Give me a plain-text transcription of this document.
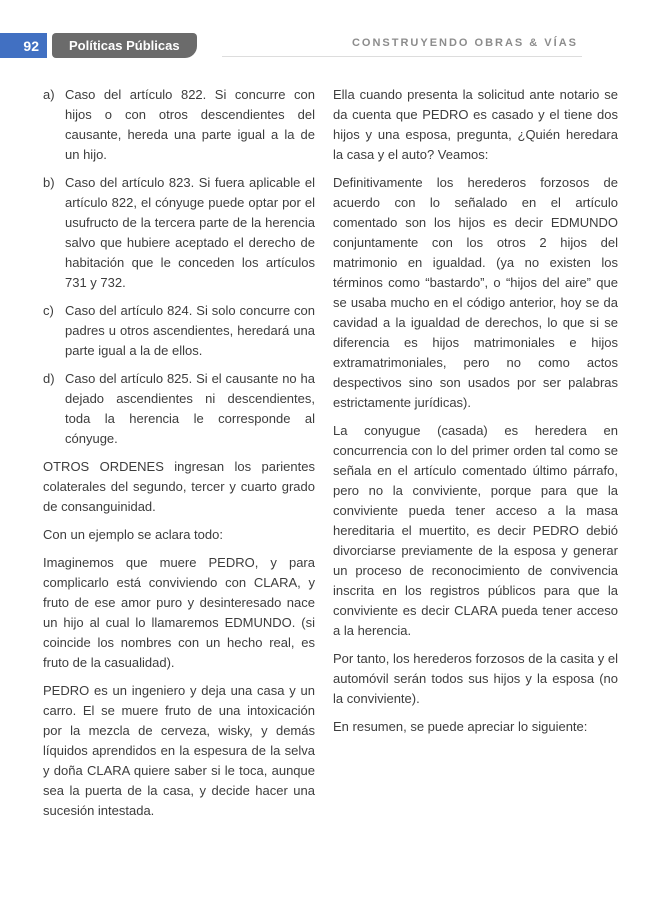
CONSTRUYENDO OBRAS & VÍAS
92	Políticas Públicas
a) Caso del artículo 822. Si concurre con hijos o con otros descendientes del causante, hereda una parte igual a la de un hijo.
b) Caso del artículo 823. Si fuera aplicable el artículo 822, el cónyuge puede optar por el usufructo de la tercera parte de la herencia salvo que hubiere aceptado el derecho de habitación que le conceden los artículos 731 y 732.
c) Caso del artículo 824. Si solo concurre con padres u otros ascendientes, heredará una parte igual a la de ellos.
d) Caso del artículo 825. Si el causante no ha dejado ascendientes ni descendientes, toda la herencia le corresponde al cónyuge.

OTROS ORDENES ingresan los parientes colaterales del segundo, tercer y cuarto grado de consanguinidad.

Con un ejemplo se aclara todo:

Imaginemos que muere PEDRO, y para complicarlo está conviviendo con CLARA, y fruto de ese amor puro y desinteresado nace un hijo al cual lo llamaremos EDMUNDO. (si coincide los nombres con un hecho real, es fruto de la casualidad).

PEDRO es un ingeniero y deja una casa y un carro. El se muere fruto de una intoxicación por la mezcla de cerveza, wisky, y demás líquidos aprendidos en la espesura de la selva y doña CLARA quiere saber si le toca, aunque sea la puerta de la casa, y decide hacer una sucesión intestada.

Ella cuando presenta la solicitud ante notario se da cuenta que PEDRO es casado y el tiene dos hijos y una esposa, pregunta, ¿Quién heredara la casa y el auto? Veamos:

Definitivamente los herederos forzosos de acuerdo con lo señalado en el artículo comentado son los hijos es decir EDMUNDO conjuntamente con los otros 2 hijos del matrimonio en igualdad. (ya no existen los términos como “bastardo”, o “hijos del aire” que se usaba mucho en el código anterior, hoy se da cavidad a la igualdad de derechos, lo que si se diferencia es hijos matrimoniales e hijos extramatrimoniales, pero no como actos despectivos sino son usados por ser palabras estrictamente jurídicas).

La conyugue (casada) es heredera en concurrencia con lo del primer orden tal como se señala en el artículo comentado último párrafo, pero no la conviviente, porque para que la conviviente pueda tener acceso a la masa hereditaria el muertito, es decir PEDRO debió divorciarse previamente de la esposa y generar un proceso de reconocimiento de convivencia inscrita en los registros públicos para que la conviviente es decir CLARA pueda tener acceso a la herencia.

Por tanto, los herederos forzosos de la casita y el automóvil serán todos sus hijos y la esposa (no la conviviente).

En resumen, se puede apreciar lo siguiente:
